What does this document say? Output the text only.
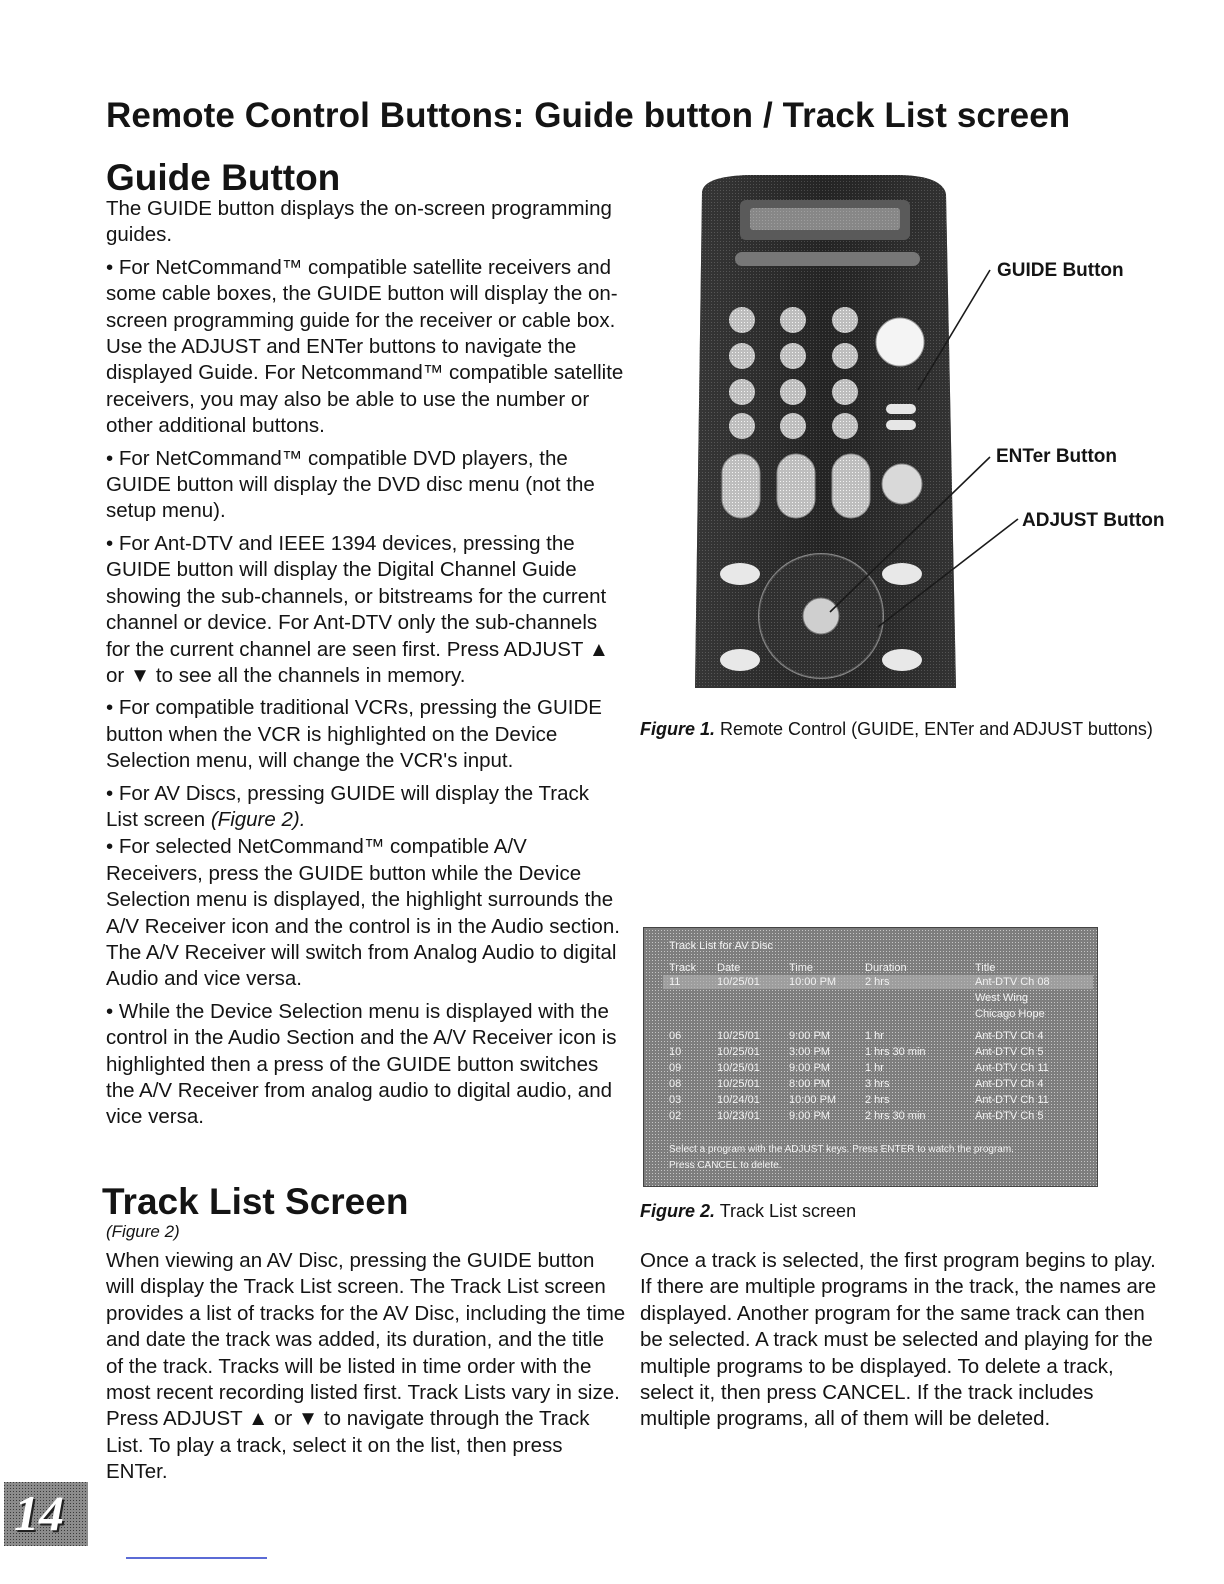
Remote Control Buttons: Guide button / Track List screen
Guide Button

The GUIDE button displays the on-screen programming guides.

• For NetCommand™ compatible satellite receivers and some cable boxes, the GUIDE button will display the on-screen programming guide for the receiver or cable box. Use the ADJUST and ENTer buttons to navigate the displayed Guide. For Netcommand™ compatible satellite receivers, you may also be able to use the number or other additional buttons.

• For NetCommand™ compatible DVD players, the GUIDE button will display the DVD disc menu (not the setup menu).

• For Ant-DTV and IEEE 1394 devices, pressing the GUIDE button will display the Digital Channel Guide showing the sub-channels, or bitstreams for the current channel or device. For Ant-DTV only the sub-channels for the current channel are seen first. Press ADJUST ▲ or ▼ to see all the channels in memory.

• For compatible traditional VCRs, pressing the GUIDE button when the VCR is highlighted on the Device Selection menu, will change the VCR's input.

• For AV Discs, pressing GUIDE will display the Track List screen (Figure 2).

• For selected NetCommand™ compatible A/V Receivers, press the GUIDE button while the Device Selection menu is displayed, the highlight surrounds the A/V Receiver icon and the control is in the Audio section. The A/V Receiver will switch from Analog Audio to digital Audio and vice versa.

• While the Device Selection menu is displayed with the control in the Audio Section and the A/V Receiver icon is highlighted then a press of the GUIDE button switches the A/V Receiver from analog audio to digital audio, and vice versa.

Track List Screen
(Figure 2)

When viewing an AV Disc, pressing the GUIDE button will display the Track List screen. The Track List screen provides a list of tracks for the AV Disc, including the time and date the track was added, its duration, and the title of the track. Tracks will be listed in time order with the most recent recording listed first. Track Lists vary in size. Press ADJUST ▲ or ▼ to navigate through the Track List. To play a track, select it on the list, then press ENTer.

Once a track is selected, the first program begins to play. If there are multiple programs in the track, the names are displayed. Another program for the same track can then be selected. A track must be selected and playing for the multiple programs to be displayed. To delete a track, select it, then press CANCEL. If the track includes multiple programs, all of them will be deleted.

GUIDE Button
ENTer Button
ADJUST Button
Figure 1. Remote Control (GUIDE, ENTer and ADJUST buttons)
Track List for AV Disc
Track Date	Time	Duration	Title
11	10/25/01	10:00 PM	2 hrs	Ant-DTV Ch 08
West Wing
Chicago Hope
06	10/25/01	9:00 PM	1 hr	Ant-DTV Ch 4
10	10/25/01	3:00 PM	1 hrs 30 min	Ant-DTV Ch 5
09	10/25/01	9:00 PM	1 hr	Ant-DTV Ch 11
08	10/25/01	8:00 PM	3 hrs	Ant-DTV Ch 4
03	10/24/01	10:00 PM	2 hrs	Ant-DTV Ch 11
02	10/23/01	9:00 PM	2 hrs 30 min	Ant-DTV Ch 5
Select a program with the ADJUST keys. Press ENTER to watch the program.
Press CANCEL to delete.
Figure 2. Track List screen
14
